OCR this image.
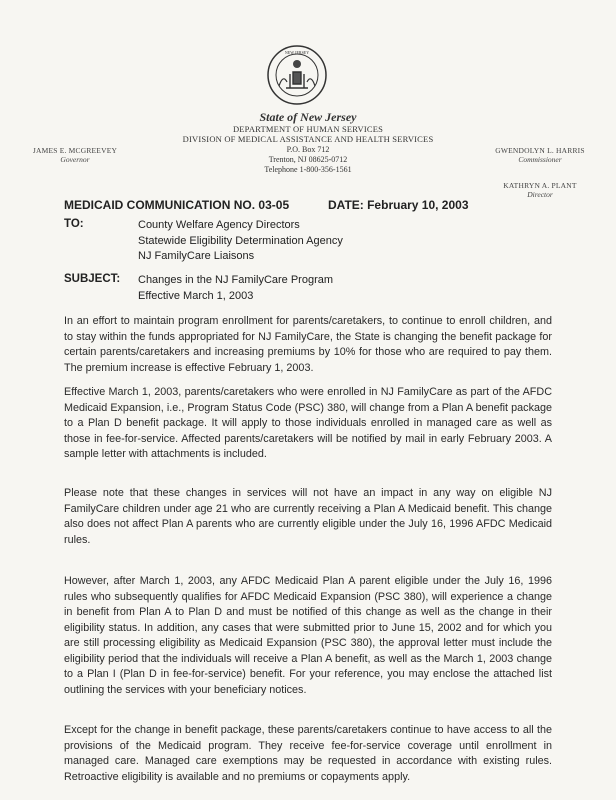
NEW JERSEY
State of New Jersey
DEPARTMENT OF HUMAN SERVICES
DIVISION OF MEDICAL ASSISTANCE AND HEALTH SERVICES
P.O. Box 712
Trenton, NJ 08625-0712
Telephone 1-800-356-1561
JAMES E. MCGREEVEY
Governor
GWENDOLYN L. HARRIS
Commissioner
KATHRYN A. PLANT
Director
MEDICAID COMMUNICATION NO. 03-05	DATE: February 10, 2003
TO:	County Welfare Agency Directors
Statewide Eligibility Determination Agency
NJ FamilyCare Liaisons
SUBJECT: Changes in the NJ FamilyCare Program
Effective March 1, 2003

In an effort to maintain program enrollment for parents/caretakers, to continue to enroll children, and to stay within the funds appropriated for NJ FamilyCare, the State is changing the benefit package for certain parents/caretakers and increasing premiums by 10% for those who are required to pay them. The premium increase is effective February 1, 2003.

Effective March 1, 2003, parents/caretakers who were enrolled in NJ FamilyCare as part of the AFDC Medicaid Expansion, i.e., Program Status Code (PSC) 380, will change from a Plan A benefit package to a Plan D benefit package. It will apply to those individuals enrolled in managed care as well as those in fee-for-service. Affected parents/caretakers will be notified by mail in early February 2003. A sample letter with attachments is included.

Please note that these changes in services will not have an impact in any way on eligible NJ FamilyCare children under age 21 who are currently receiving a Plan A Medicaid benefit. This change also does not affect Plan A parents who are currently eligible under the July 16, 1996 AFDC Medicaid rules.

However, after March 1, 2003, any AFDC Medicaid Plan A parent eligible under the July 16, 1996 rules who subsequently qualifies for AFDC Medicaid Expansion (PSC 380), will experience a change in benefit from Plan A to Plan D and must be notified of this change as well as the change in their eligibility status. In addition, any cases that were submitted prior to June 15, 2002 and for which you are still processing eligibility as Medicaid Expansion (PSC 380), the approval letter must include the eligibility period that the individuals will receive a Plan A benefit, as well as the March 1, 2003 change to a Plan I (Plan D in fee-for-service) benefit. For your reference, you may enclose the attached list outlining the services with your beneficiary notices.

Except for the change in benefit package, these parents/caretakers continue to have access to all the provisions of the Medicaid program. They receive fee-for-service coverage until enrollment in managed care. Managed care exemptions may be requested in accordance with existing rules. Retroactive eligibility is available and no premiums or copayments apply.
